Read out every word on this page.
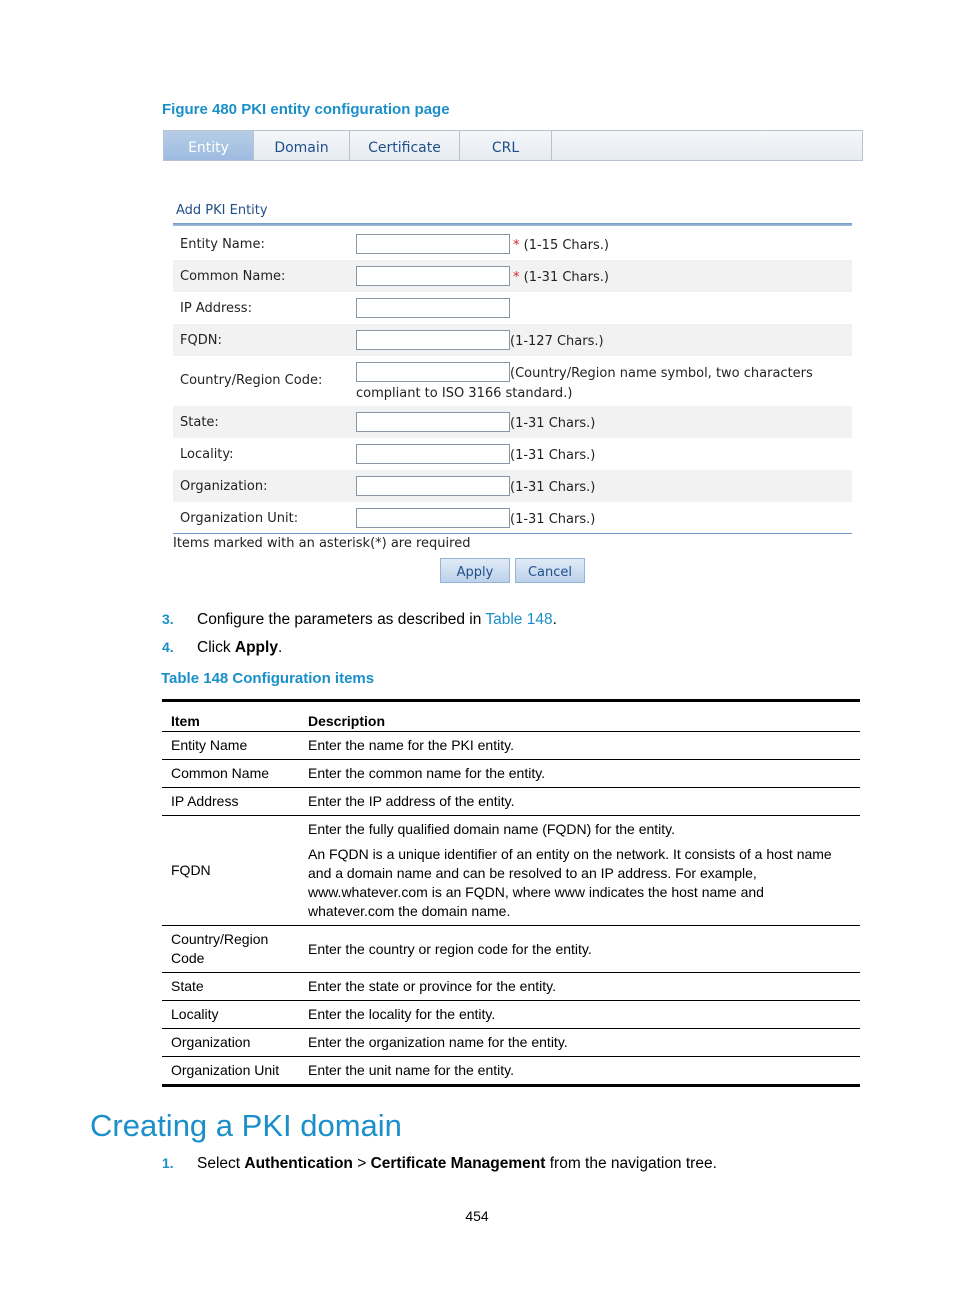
Figure 480 PKI entity configuration page
Entity	Domain	Certificate	CRL
Add PKI Entity
Entity Name:	* (1-15 Chars.)
Common Name:	* (1-31 Chars.)
IP Address:
FQDN:	(1-127 Chars.)
Country/Region Code:	(Country/Region name symbol, two characters
compliant to ISO 3166 standard.)
State:	(1-31 Chars.)
Locality:	(1-31 Chars.)
Organization:	(1-31 Chars.)
Organization Unit:	(1-31 Chars.)
Items marked with an asterisk(*) are required
Apply	Cancel
3. Configure the parameters as described in Table 148.
4. Click Apply.
Table 148 Configuration items
Item	Description
Entity Name	Enter the name for the PKI entity.

Common Name	Enter the common name for the entity.

IP Address	Enter the IP address of the entity.

FQDN	Enter the fully qualified domain name (FQDN) for the entity.

An FQDN is a unique identifier of an entity on the network. It consists of a host name and a domain name and can be resolved to an IP address. For example, www.whatever.com is an FQDN, where www indicates the host name and whatever.com the domain name.

Country/Region Code	Enter the country or region code for the entity.

State	Enter the state or province for the entity.

Locality	Enter the locality for the entity.

Organization	Enter the organization name for the entity.

Organization Unit	Enter the unit name for the entity.

Creating a PKI domain
1. Select Authentication > Certificate Management from the navigation tree.
454
